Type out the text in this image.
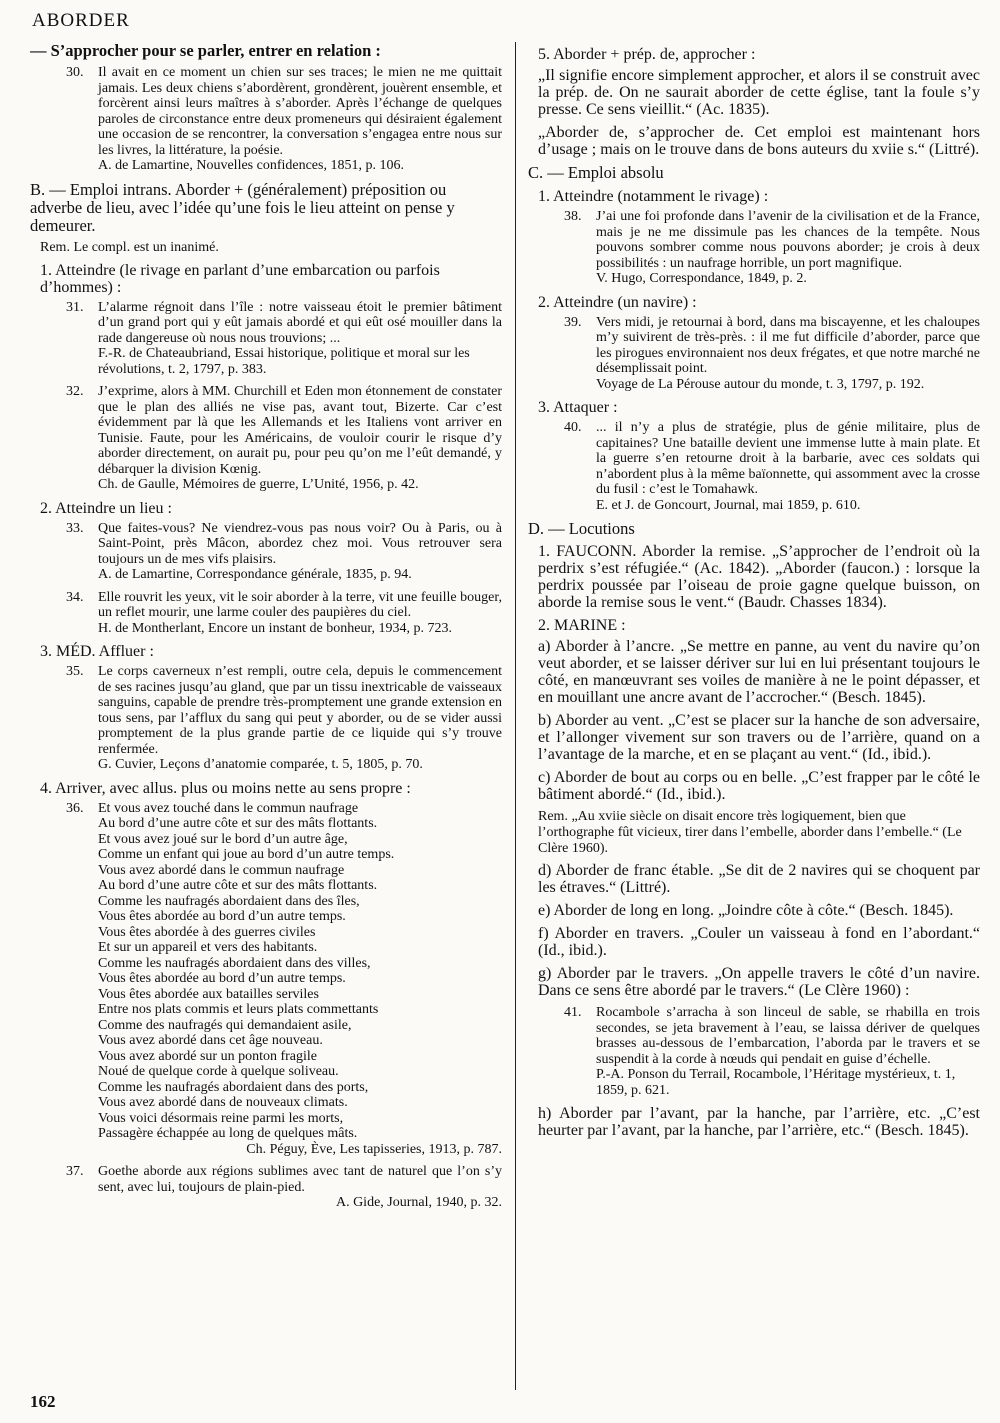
ABORDER

— S’approcher pour se parler, entrer en relation :

30. Il avait en ce moment un chien sur ses traces; le mien ne me quittait jamais. Les deux chiens s’abordèrent, grondèrent, jouèrent ensemble, et forcèrent ainsi leurs maîtres à s’aborder. Après l’échange de quelques paroles de circonstance entre deux promeneurs qui désiraient également une occasion de se rencontrer, la conversation s’engagea entre nous sur les livres, la littérature, la poésie.
A. de Lamartine, Nouvelles confidences, 1851, p. 106.

B. — Emploi intrans. Aborder + (généralement) préposition ou adverbe de lieu, avec l’idée qu’une fois le lieu atteint on pense y demeurer.

Rem. Le compl. est un inanimé.

1. Atteindre (le rivage en parlant d’une embarcation ou parfois d’hommes) :

31. L’alarme régnoit dans l’île : notre vaisseau étoit le premier bâtiment d’un grand port qui y eût jamais abordé et qui eût osé mouiller dans la rade dangereuse où nous nous trouvions; ...
F.-R. de Chateaubriand, Essai historique, politique et moral sur les révolutions, t. 2, 1797, p. 383.
32. J’exprime, alors à MM. Churchill et Eden mon étonnement de constater que le plan des alliés ne vise pas, avant tout, Bizerte. Car c’est évidemment par là que les Allemands et les Italiens vont arriver en Tunisie. Faute, pour les Américains, de vouloir courir le risque d’y aborder directement, on aurait pu, pour peu qu’on me l’eût demandé, y débarquer la division Kœnig.
Ch. de Gaulle, Mémoires de guerre, L’Unité, 1956, p. 42.

2. Atteindre un lieu :

33. Que faites-vous? Ne viendrez-vous pas nous voir? Ou à Paris, ou à Saint-Point, près Mâcon, abordez chez moi. Vous retrouver sera toujours un de mes vifs plaisirs.
A. de Lamartine, Correspondance générale, 1835, p. 94.
34. Elle rouvrit les yeux, vit le soir aborder à la terre, vit une feuille bouger, un reflet mourir, une larme couler des paupières du ciel.
H. de Montherlant, Encore un instant de bonheur, 1934, p. 723.

3. MÉD. Affluer :

35. Le corps caverneux n’est rempli, outre cela, depuis le commencement de ses racines jusqu’au gland, que par un tissu inextricable de vaisseaux sanguins, capable de prendre très-promptement une grande extension en tous sens, par l’afflux du sang qui peut y aborder, ou de se vider aussi promptement de la plus grande partie de ce liquide qui s’y trouve renfermée.
G. Cuvier, Leçons d’anatomie comparée, t. 5, 1805, p. 70.

4. Arriver, avec allus. plus ou moins nette au sens propre :

36. Et vous avez touché dans le commun naufrage
Au bord d’une autre côte et sur des mâts flottants.
Et vous avez joué sur le bord d’un autre âge,
Comme un enfant qui joue au bord d’un autre temps.
Vous avez abordé dans le commun naufrage
Au bord d’une autre côte et sur des mâts flottants.
Comme les naufragés abordaient dans des îles,
Vous êtes abordée au bord d’un autre temps.
Vous êtes abordée à des guerres civiles
Et sur un appareil et vers des habitants.
Comme les naufragés abordaient dans des villes,
Vous êtes abordée au bord d’un autre temps.
Vous êtes abordée aux batailles serviles
Entre nos plats commis et leurs plats commettants
Comme des naufragés qui demandaient asile,
Vous avez abordé dans cet âge nouveau.
Vous avez abordé sur un ponton fragile
Noué de quelque corde à quelque soliveau.
Comme les naufragés abordaient dans des ports,
Vous avez abordé dans de nouveaux climats.
Vous voici désormais reine parmi les morts,
Passagère échappée au long de quelques mâts.
Ch. Péguy, Ève, Les tapisseries, 1913, p. 787.
37. Goethe aborde aux régions sublimes avec tant de naturel que l’on s’y sent, avec lui, toujours de plain-pied.
A. Gide, Journal, 1940, p. 32.

5. Aborder + prép. de, approcher :

„Il signifie encore simplement approcher, et alors il se construit avec la prép. de. On ne saurait aborder de cette église, tant la foule s’y presse. Ce sens vieillit.“ (Ac. 1835).

„Aborder de, s’approcher de. Cet emploi est maintenant hors d’usage ; mais on le trouve dans de bons auteurs du xviie s.“ (Littré).

C. — Emploi absolu

1. Atteindre (notamment le rivage) :

38. J’ai une foi profonde dans l’avenir de la civilisation et de la France, mais je ne me dissimule pas les chances de la tempête. Nous pouvons sombrer comme nous pouvons aborder; je crois à deux possibilités : un naufrage horrible, un port magnifique.
V. Hugo, Correspondance, 1849, p. 2.

2. Atteindre (un navire) :

39. Vers midi, je retournai à bord, dans ma biscayenne, et les chaloupes m’y suivirent de très-près. : il me fut difficile d’aborder, parce que les pirogues environnaient nos deux frégates, et que notre marché ne désemplissait point.
Voyage de La Pérouse autour du monde, t. 3, 1797, p. 192.

3. Attaquer :

40. ... il n’y a plus de stratégie, plus de génie militaire, plus de capitaines? Une bataille devient une immense lutte à main plate. Et la guerre s’en retourne droit à la barbarie, avec ces soldats qui n’abordent plus à la même baïonnette, qui assomment avec la crosse du fusil : c’est le Tomahawk.
E. et J. de Goncourt, Journal, mai 1859, p. 610.

D. — Locutions

1. FAUCONN. Aborder la remise. „S’approcher de l’endroit où la perdrix s’est réfugiée.“ (Ac. 1842). „Aborder (faucon.) : lorsque la perdrix poussée par l’oiseau de proie gagne quelque buisson, on aborde la remise sous le vent.“ (Baudr. Chasses 1834).

2. MARINE :

a) Aborder à l’ancre. „Se mettre en panne, au vent du navire qu’on veut aborder, et se laisser dériver sur lui en lui présentant toujours le côté, en manœuvrant ses voiles de manière à ne le point dépasser, et en mouillant une ancre avant de l’accrocher.“ (Besch. 1845).

b) Aborder au vent. „C’est se placer sur la hanche de son adversaire, et l’allonger vivement sur son travers ou de l’arrière, quand on a l’avantage de la marche, et en se plaçant au vent.“ (Id., ibid.).

c) Aborder de bout au corps ou en belle. „C’est frapper par le côté le bâtiment abordé.“ (Id., ibid.).

Rem. „Au xviie siècle on disait encore très logiquement, bien que l’orthographe fût vicieux, tirer dans l’embelle, aborder dans l’embelle.“ (Le Clère 1960).

d) Aborder de franc étable. „Se dit de 2 navires qui se choquent par les étraves.“ (Littré).

e) Aborder de long en long. „Joindre côte à côte.“ (Besch. 1845).

f) Aborder en travers. „Couler un vaisseau à fond en l’abordant.“ (Id., ibid.).

g) Aborder par le travers. „On appelle travers le côté d’un navire. Dans ce sens être abordé par le travers.“ (Le Clère 1960) :

41. Rocambole s’arracha à son linceul de sable, se rhabilla en trois secondes, se jeta bravement à l’eau, se laissa dériver de quelques brasses au-dessous de l’embarcation, l’aborda par le travers et se suspendit à la corde à nœuds qui pendait en guise d’échelle.
P.-A. Ponson du Terrail, Rocambole, l’Héritage mystérieux, t. 1, 1859, p. 621.

h) Aborder par l’avant, par la hanche, par l’arrière, etc. „C’est heurter par l’avant, par la hanche, par l’arrière, etc.“ (Besch. 1845).

162
